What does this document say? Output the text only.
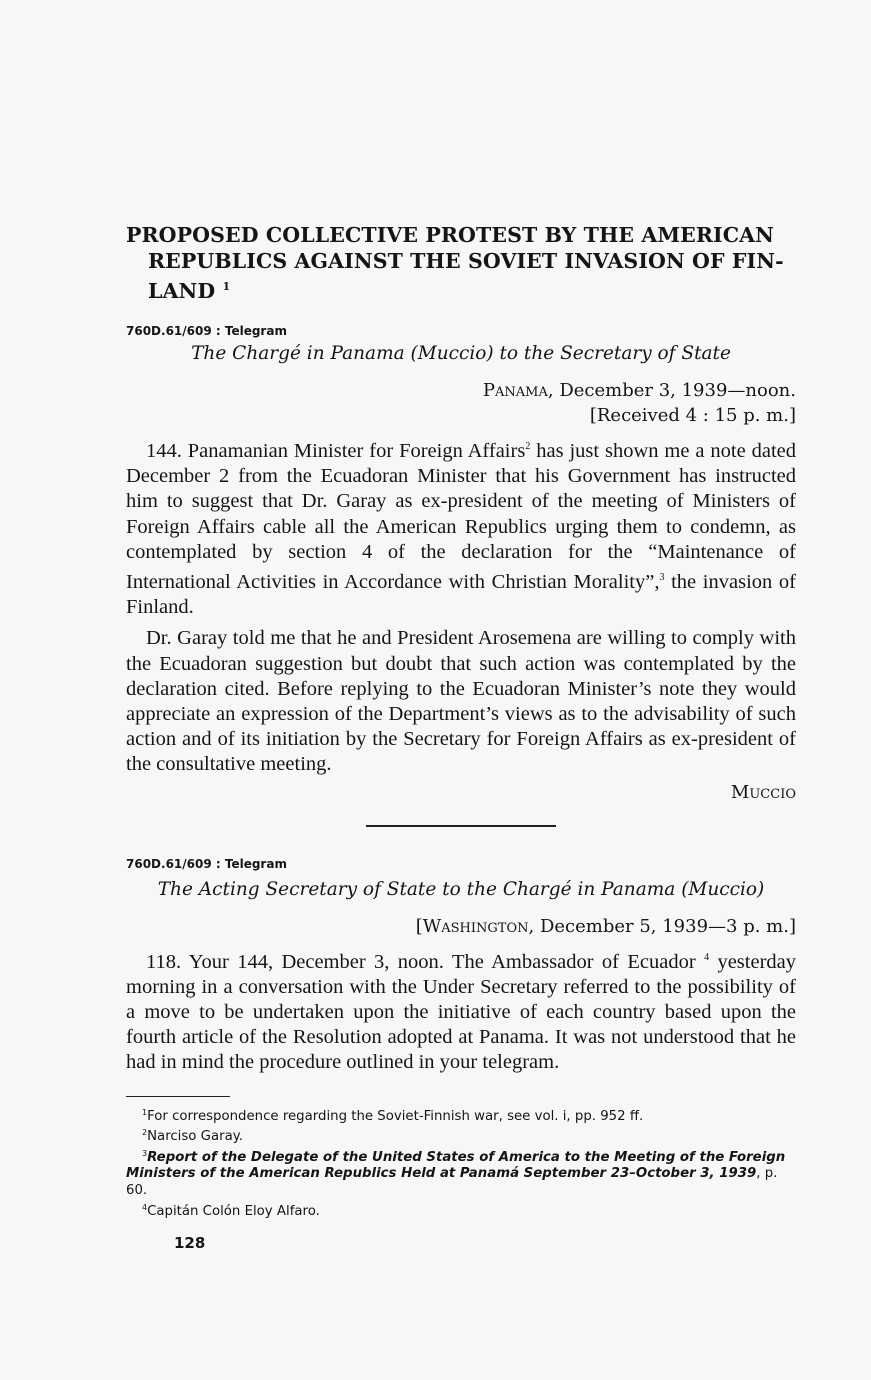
PROPOSED COLLECTIVE PROTEST BY THE AMERICAN
REPUBLICS AGAINST THE SOVIET INVASION OF FIN-
LAND $^1$
760D.61/609 : Telegram
The Chargé in Panama (Muccio) to the Secretary of State
Panama, December 3, 1939—noon.
[Received 4 : 15 p. m.]

144. Panamanian Minister for Foreign Affairs$^2$ has just shown me a note dated December 2 from the Ecuadoran Minister that his Government has instructed him to suggest that Dr. Garay as ex-president of the meeting of Ministers of Foreign Affairs cable all the American Republics urging them to condemn, as contemplated by section 4 of the declaration for the “Maintenance of International Activities in Accordance with Christian Morality”,$^3$ the invasion of Finland.

Dr. Garay told me that he and President Arosemena are willing to comply with the Ecuadoran suggestion but doubt that such action was contemplated by the declaration cited. Before replying to the Ecuadoran Minister’s note they would appreciate an expression of the Department’s views as to the advisability of such action and of its initiation by the Secretary for Foreign Affairs as ex-president of the consultative meeting.

Muccio
760D.61/609 : Telegram
The Acting Secretary of State to the Chargé in Panama (Muccio)
[Washington, December 5, 1939—3 p. m.]

118. Your 144, December 3, noon. The Ambassador of Ecuador $^4$ yesterday morning in a conversation with the Under Secretary referred to the possibility of a move to be undertaken upon the initiative of each country based upon the fourth article of the Resolution adopted at Panama. It was not understood that he had in mind the procedure outlined in your telegram.

$^1$For correspondence regarding the Soviet-Finnish war, see vol. i, pp. 952 ff.
$^2$Narciso Garay.
$^3$Report of the Delegate of the United States of America to the Meeting of the Foreign Ministers of the American Republics Held at Panamá September 23–October 3, 1939, p. 60.
$^4$Capitán Colón Eloy Alfaro.
128
